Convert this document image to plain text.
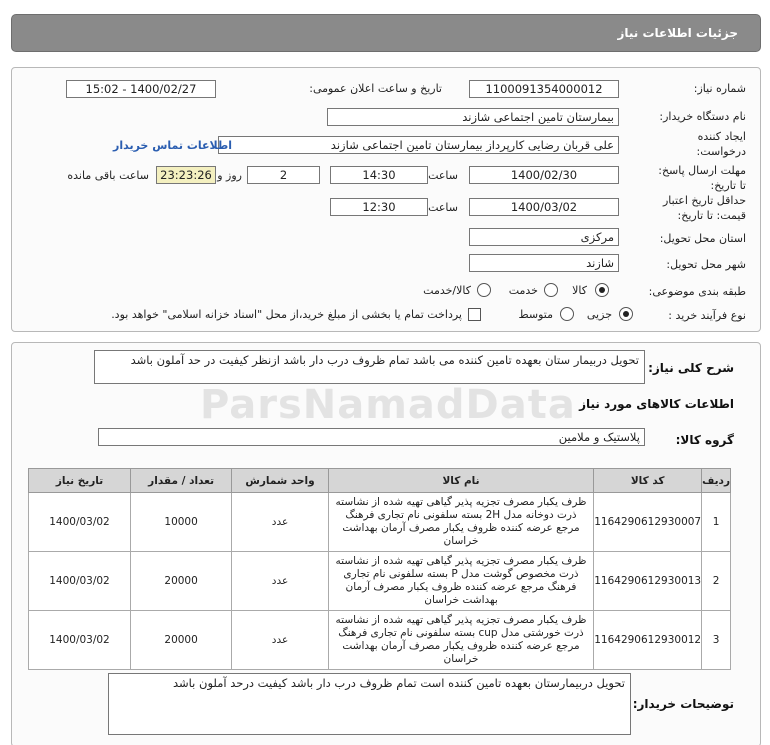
جزئیات اطلاعات نیاز
شماره نیاز:
1100091354000012
تاریخ و ساعت اعلان عمومی:
1400/02/27 - 15:02
نام دستگاه خریدار:
بیمارستان تامین اجتماعی شازند
ایجاد کننده
درخواست:
علی قربان رضایی کارپرداز بیمارستان تامین اجتماعی شازند
اطلاعات تماس خریدار
مهلت ارسال پاسخ:
تا تاریخ:
1400/02/30
ساعت
14:30
2
روز و
23:23:26
ساعت باقی مانده
حداقل تاریخ اعتبار
قیمت: تا تاریخ:
1400/03/02
ساعت
12:30
استان محل تحویل:
مرکزی
شهر محل تحویل:
شازند
طبقه بندی موضوعی:
کالا
خدمت
کالا/خدمت
نوع فرآیند خرید :
جزیی
متوسط
پرداخت تمام یا بخشی از مبلغ خرید،از محل "اسناد خزانه اسلامی" خواهد بود.
شرح کلی نیاز:
تحویل دربیمار ستان بعهده تامین کننده می باشد تمام ظروف درب دار باشد ازنظر کیفیت در حد آملون باشد
اطلاعات کالاهای مورد نیاز
گروه کالا:
پلاستیک و ملامین
ردیف	کد کالا	نام کالا	واحد شمارش	تعداد / مقدار	تاریخ نیاز
1	1164290612930007	ظرف یکبار مصرف تجزیه پذیر گیاهی تهیه شده از نشاسته ذرت دوخانه مدل 2H بسته سلفونی نام تجاری فرهنگ مرجع عرضه کننده ظروف یکبار مصرف آرمان بهداشت خراسان	عدد	10000	1400/03/02
2	1164290612930013	ظرف یکبار مصرف تجزیه پذیر گیاهی تهیه شده از نشاسته ذرت مخصوص گوشت مدل P بسته سلفونی نام تجاری فرهنگ مرجع عرضه کننده ظروف یکبار مصرف آرمان بهداشت خراسان	عدد	20000	1400/03/02
3	1164290612930012	ظرف یکبار مصرف تجزیه پذیر گیاهی تهیه شده از نشاسته ذرت خورشتی مدل cup بسته سلفونی نام تجاری فرهنگ مرجع عرضه کننده ظروف یکبار مصرف آرمان بهداشت خراسان	عدد	20000	1400/03/02
توضیحات خریدار:
تحویل دربیمارستان بعهده تامین کننده است تمام ظروف درب دار باشد کیفیت درحد آملون باشد
